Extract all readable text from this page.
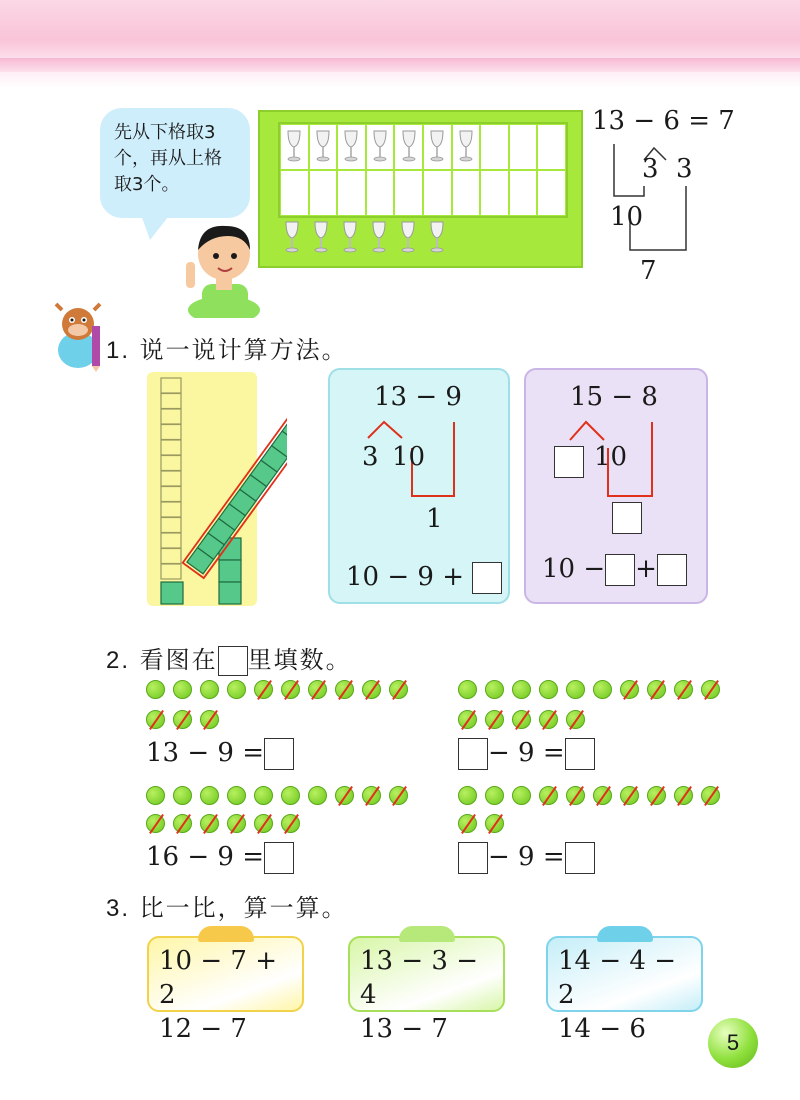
先从下格取3个，再从上格取3个。
13 − 6 = 7
3 3
10
7
1. 说一说计算方法。
13 − 9
3 10
1
10 − 9 +
15 − 8
10
10 − +
2. 看图在 里填数。
13 − 9 =	− 9 =
16 − 9 =	− 9 =
3. 比一比，算一算。
10 − 7 + 2
12 − 7
13 − 3 − 4
13 − 7
14 − 4 − 2
14 − 6	5
